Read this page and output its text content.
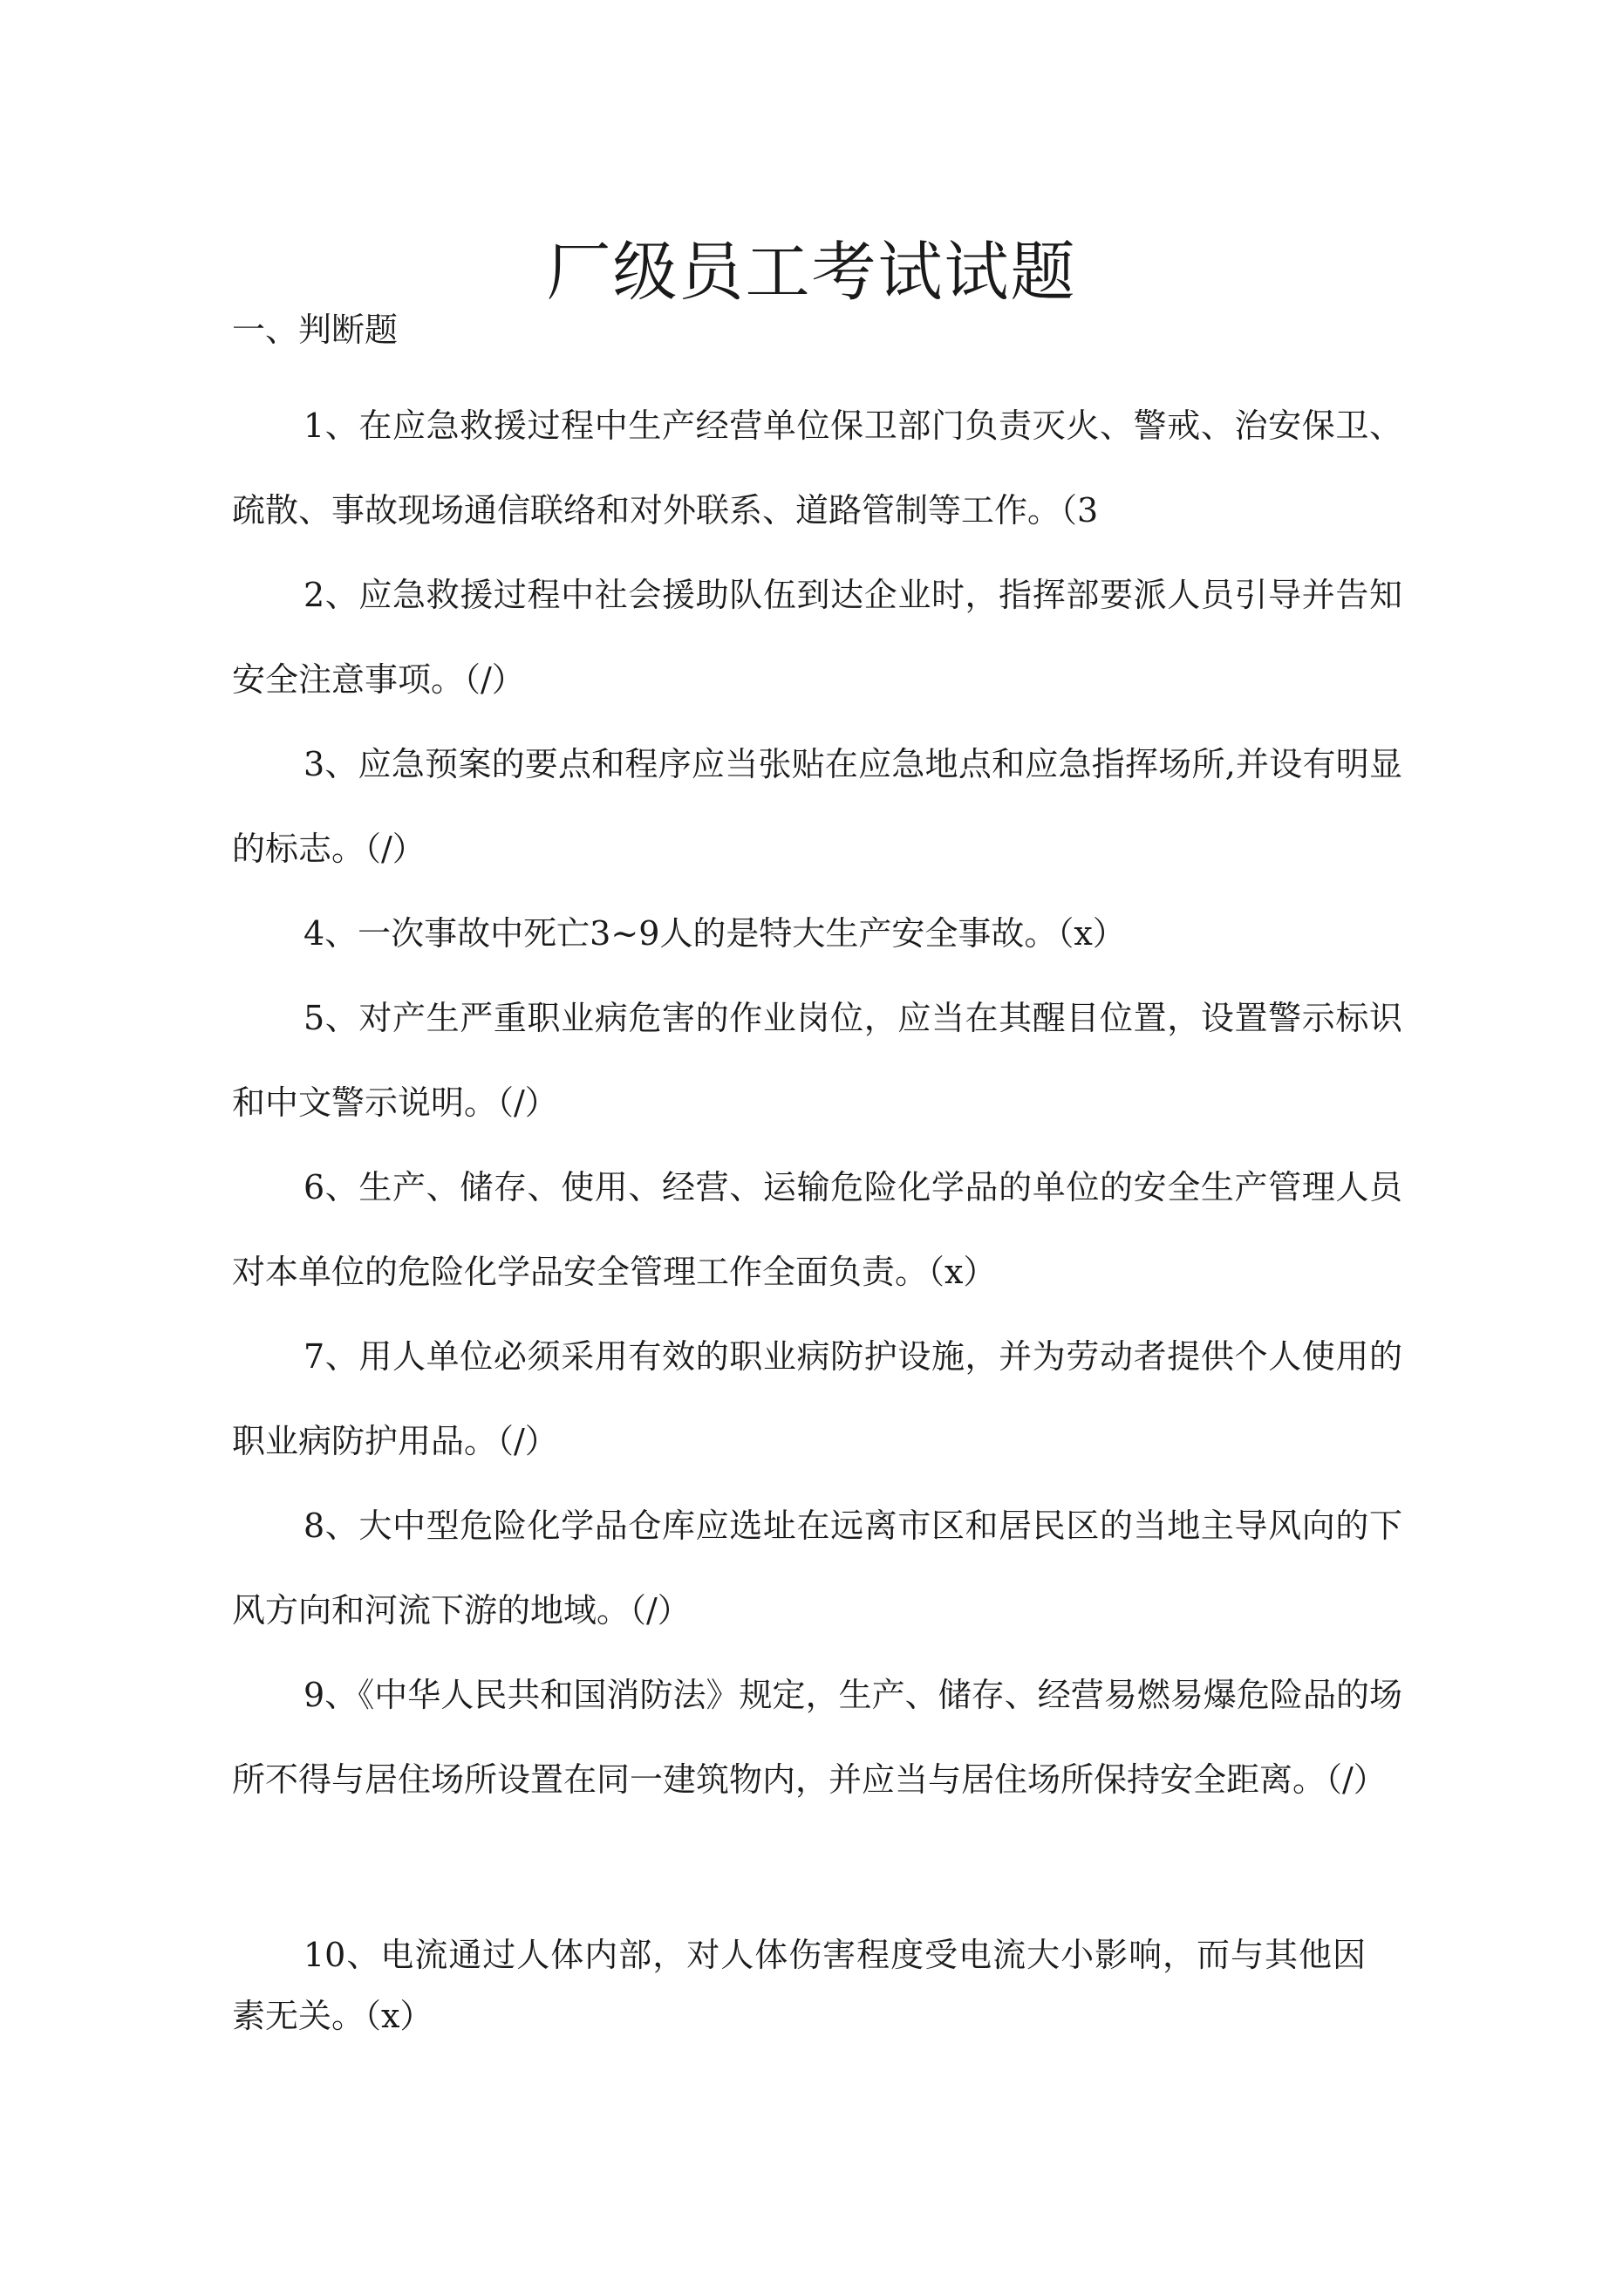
厂级员工考试试题

一、判断题

1、在应急救援过程中生产经营单位保卫部门负责灭火、警戒、治安保卫、疏散、事故现场通信联络和对外联系、道路管制等工作。（3

2、应急救援过程中社会援助队伍到达企业时，指挥部要派人员引导并告知安全注意事项。（/）

3、应急预案的要点和程序应当张贴在应急地点和应急指挥场所,并设有明显的标志。（/）

4、一次事故中死亡3~9人的是特大生产安全事故。（x）

5、对产生严重职业病危害的作业岗位，应当在其醒目位置，设置警示标识和中文警示说明。（/）

6、生产、储存、使用、经营、运输危险化学品的单位的安全生产管理人员对本单位的危险化学品安全管理工作全面负责。（x）

7、用人单位必须采用有效的职业病防护设施，并为劳动者提供个人使用的职业病防护用品。（/）

8、大中型危险化学品仓库应选址在远离市区和居民区的当地主导风向的下风方向和河流下游的地域。（/）

9、《中华人民共和国消防法》规定，生产、储存、经营易燃易爆危险品的场所不得与居住场所设置在同一建筑物内，并应当与居住场所保持安全距离。（/）

10、电流通过人体内部，对人体伤害程度受电流大小影响，而与其他因素无关。（x）
